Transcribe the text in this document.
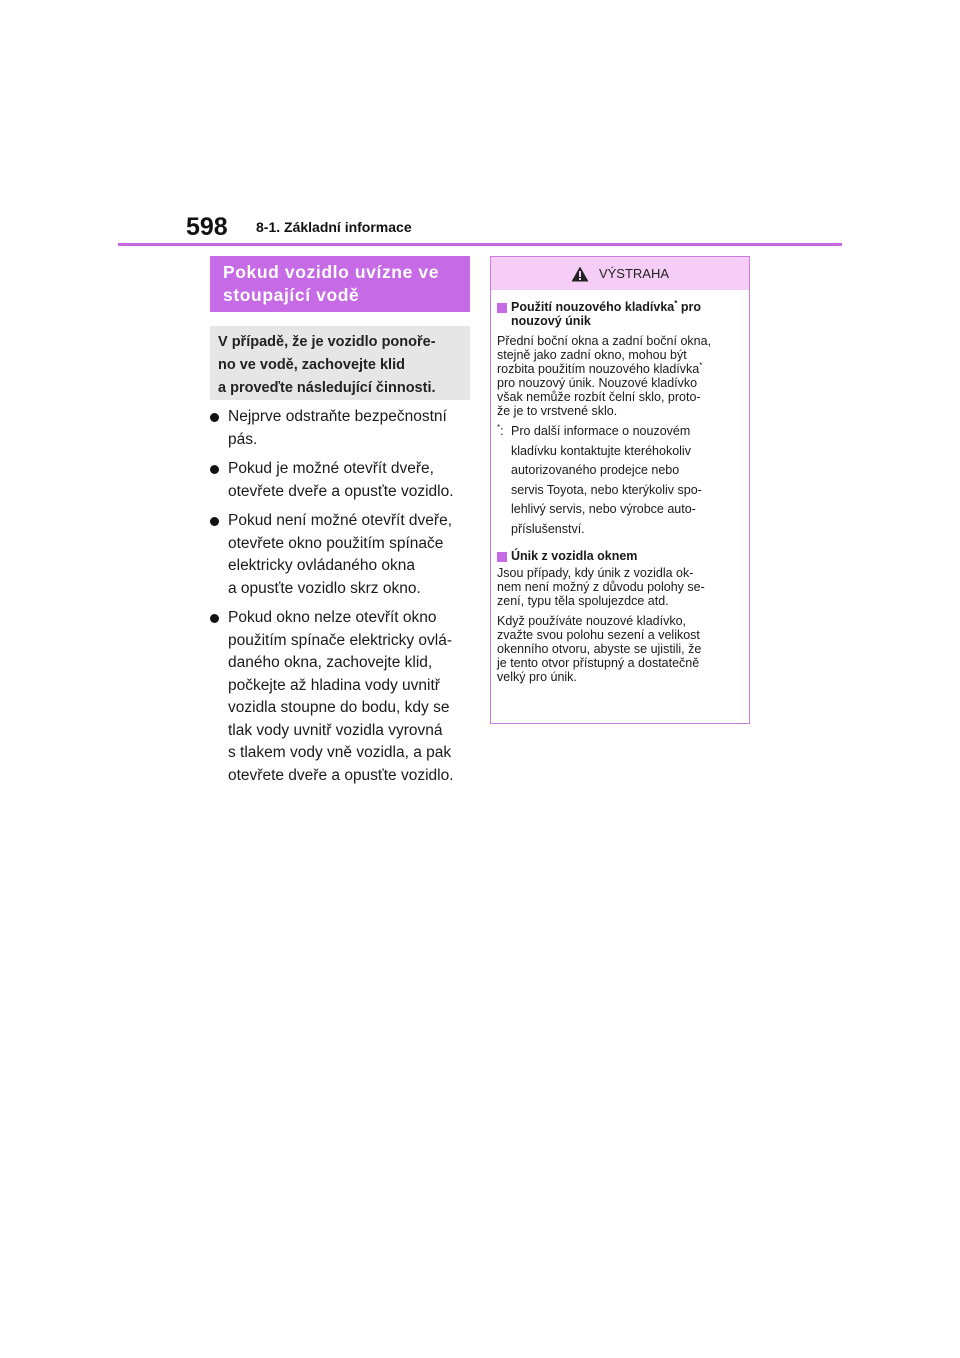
598 8-1. Základní informace
Pokud vozidlo uvízne ve
stoupající vodě
V případě, že je vozidlo ponoře-
no ve vodě, zachovejte klid
a proveďte následující činnosti.
Nejprve odstraňte bezpečnostní
pás.
Pokud je možné otevřít dveře,
otevřete dveře a opusťte vozidlo.
Pokud není možné otevřít dveře,
otevřete okno použitím spínače
elektricky ovládaného okna
a opusťte vozidlo skrz okno.
Pokud okno nelze otevřít okno
použitím spínače elektricky ovlá-
daného okna, zachovejte klid,
počkejte až hladina vody uvnitř
vozidla stoupne do bodu, kdy se
tlak vody uvnitř vozidla vyrovná
s tlakem vody vně vozidla, a pak
otevřete dveře a opusťte vozidlo.
VÝSTRAHA
Použití nouzového kladívka* pro
nouzový únik
Přední boční okna a zadní boční okna,
stejně jako zadní okno, mohou být
rozbita použitím nouzového kladívka*
pro nouzový únik. Nouzové kladívko
však nemůže rozbít čelní sklo, proto-
že je to vrstvené sklo.
*: Pro další informace o nouzovém
kladívku kontaktujte kteréhokoliv
autorizovaného prodejce nebo
servis Toyota, nebo kterýkoliv spo-
lehlivý servis, nebo výrobce auto-
příslušenství.
Únik z vozidla oknem
Jsou případy, kdy únik z vozidla ok-
nem není možný z důvodu polohy se-
zení, typu těla spolujezdce atd.
Když používáte nouzové kladívko,
zvažte svou polohu sezení a velikost
okenního otvoru, abyste se ujistili, že
je tento otvor přístupný a dostatečně
velký pro únik.
